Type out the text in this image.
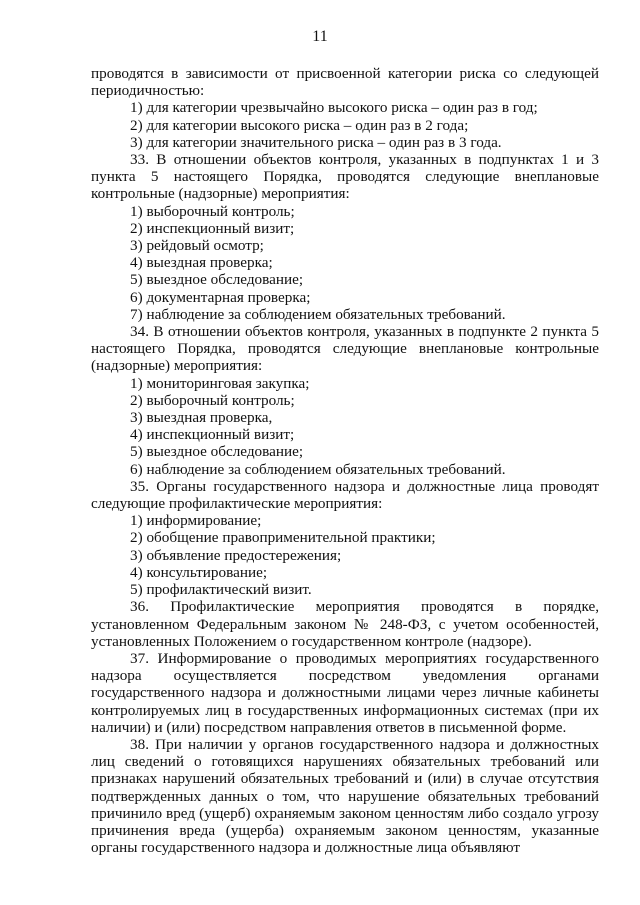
11

проводятся в зависимости от присвоенной категории риска со следующей периодичностью:

1) для категории чрезвычайно высокого риска – один раз в год;

2) для категории высокого риска – один раз в 2 года;

3) для категории значительного риска – один раз в 3 года.

33. В отношении объектов контроля, указанных в подпунктах 1 и 3 пункта 5 настоящего Порядка, проводятся следующие внеплановые контрольные (надзорные) мероприятия:

1) выборочный контроль;

2) инспекционный визит;

3) рейдовый осмотр;

4) выездная проверка;

5) выездное обследование;

6) документарная проверка;

7) наблюдение за соблюдением обязательных требований.

34. В отношении объектов контроля, указанных в подпункте 2 пункта 5 настоящего Порядка, проводятся следующие внеплановые контрольные (надзорные) мероприятия:

1) мониторинговая закупка;

2) выборочный контроль;

3) выездная проверка,

4) инспекционный визит;

5) выездное обследование;

6) наблюдение за соблюдением обязательных требований.

35. Органы государственного надзора и должностные лица проводят следующие профилактические мероприятия:

1) информирование;

2) обобщение правоприменительной практики;

3) объявление предостережения;

4) консультирование;

5) профилактический визит.

36. Профилактические мероприятия проводятся в порядке, установленном Федеральным законом № 248-ФЗ, с учетом особенностей, установленных Положением о государственном контроле (надзоре).

37. Информирование о проводимых мероприятиях государственного надзора осуществляется посредством уведомления органами государственного надзора и должностными лицами через личные кабинеты контролируемых лиц в государственных информационных системах (при их наличии) и (или) посредством направления ответов в письменной форме.

38. При наличии у органов государственного надзора и должностных лиц сведений о готовящихся нарушениях обязательных требований или признаках нарушений обязательных требований и (или) в случае отсутствия подтвержденных данных о том, что нарушение обязательных требований причинило вред (ущерб) охраняемым законом ценностям либо создало угрозу причинения вреда (ущерба) охраняемым законом ценностям, указанные органы государственного надзора и должностные лица объявляют
